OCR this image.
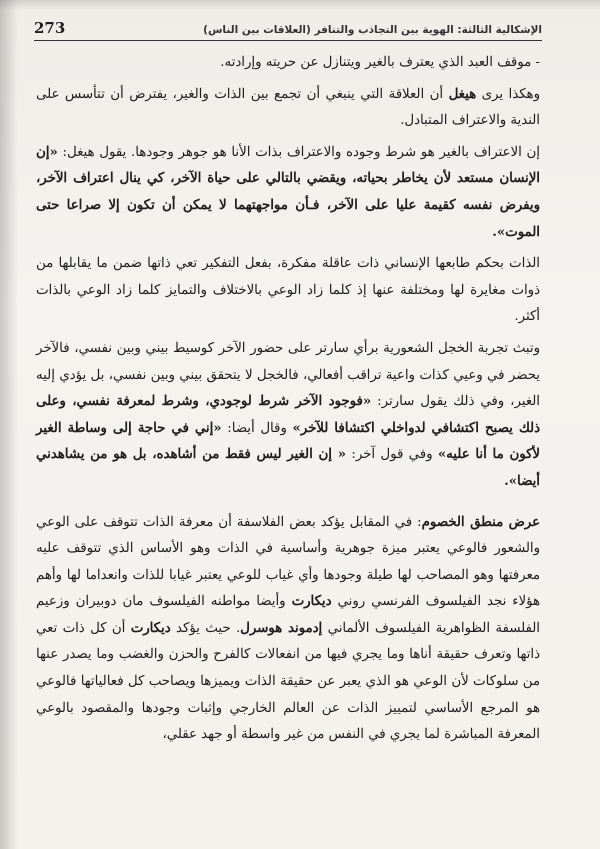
273	الإشكالية الثالثة: الهوية بين التجاذب والتنافر (العلاقات بين الناس)

- موقف العبد الذي يعترف بالغير ويتنازل عن حريته وإرادته.

وهكذا يرى هيغل أن العلاقة التي ينبغي أن تجمع بين الذات والغير، يفترض أن تتأسس على الندية والاعتراف المتبادل.

إن الاعتراف بالغير هو شرط وجوده والاعتراف بذات الأنا هو جوهر وجودها. يقول هيغل: «إن الإنسان مستعد لأن يخاطر بحياته، ويقضي بالتالي على حياة الآخر، كي ينال اعتراف الآخر، ويفرض نفسه كقيمة عليا على الآخر، فـأن مواجهتهما لا يمكن أن تكون إلا صراعا حتى الموت».

الذات بحكم طابعها الإنساني ذات عاقلة مفكرة، بفعل التفكير تعي ذاتها ضمن ما يقابلها من ذوات مغايرة لها ومختلفة عنها إذ كلما زاد الوعي بالاختلاف والتمايز كلما زاد الوعي بالذات أكثر.

وتبث تجربة الخجل الشعورية برأي سارتر على حضور الآخر كوسيط بيني وبين نفسي، فالآخر يحضر في وعيي كذات واعية تراقب أفعالي، فالخجل لا يتحقق بيني وبين نفسي، بل يؤدي إليه الغير، وفي ذلك يقول سارتر: «فوجود الآخر شرط لوجودي، وشرط لمعرفة نفسي، وعلى ذلك يصبح اكتشافي لدواخلي اكتشافا للآخر» وقال أيضا: «إني في حاجة إلى وساطة الغير لأكون ما أنا عليه» وفي قول آخر: « إن الغير ليس فقط من أشاهده، بل هو من يشاهدني أيضا».

عرض منطق الخصوم: في المقابل يؤكد بعض الفلاسفة أن معرفة الذات تتوقف على الوعي والشعور فالوعي يعتبر ميزة جوهرية وأساسية في الذات وهو الأساس الذي تتوقف عليه معرفتها وهو المصاحب لها طيلة وجودها وأي غياب للوعي يعتبر غيابا للذات وانعداما لها وأهم هؤلاء نجد الفيلسوف الفرنسي روني ديكارت وأيضا مواطنه الفيلسوف مان دوبيران وزعيم الفلسفة الظواهرية الفيلسوف الألماني إدموند هوسرل. حيث يؤكد ديكارت أن كل ذات تعي ذاتها وتعرف حقيقة أناها وما يجري فيها من انفعالات كالفرح والحزن والغضب وما يصدر عنها من سلوكات لأن الوعي هو الذي يعبر عن حقيقة الذات ويميزها ويصاحب كل فعالياتها فالوعي هو المرجع الأساسي لتمييز الذات عن العالم الخارجي وإثبات وجودها والمقصود بالوعي المعرفة المباشرة لما يجري في النفس من غير واسطة أو جهد عقلي،
